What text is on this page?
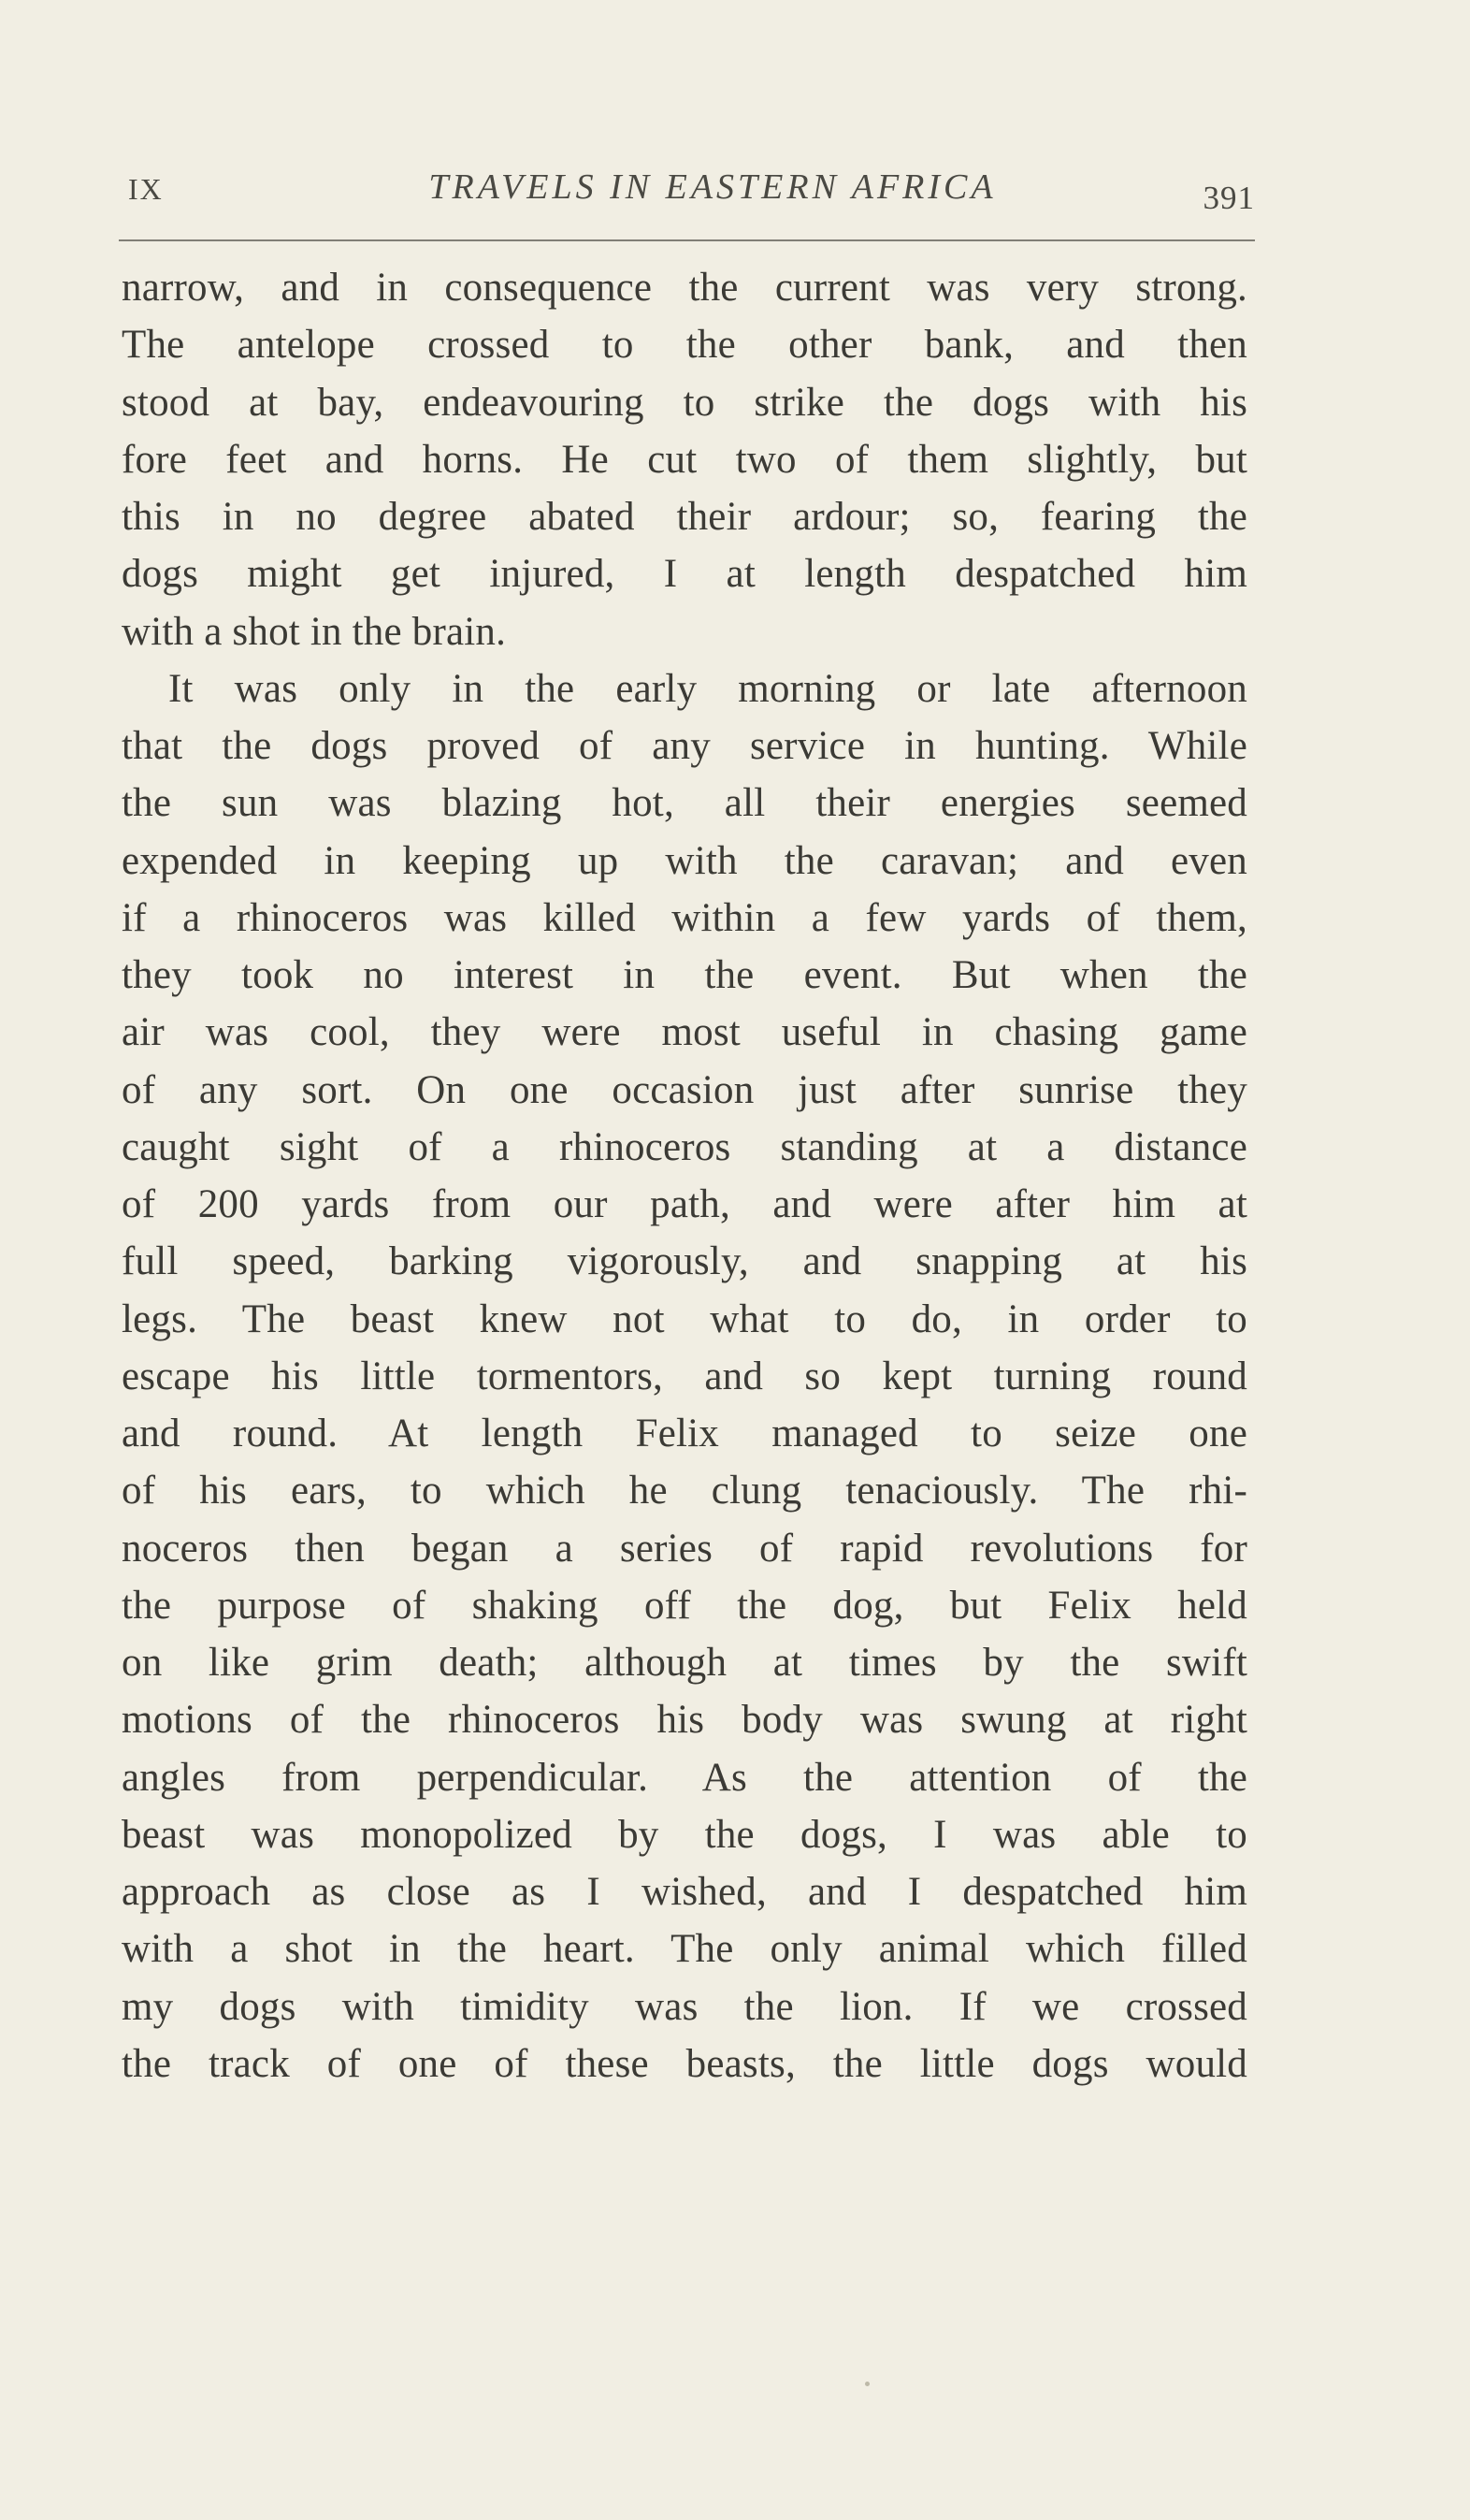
IX	TRAVELS IN EASTERN AFRICA	391
narrow, and in consequence the current was very strong.
The antelope crossed to the other bank, and then
stood at bay, endeavouring to strike the dogs with his
fore feet and horns. He cut two of them slightly, but
this in no degree abated their ardour; so, fearing the
dogs might get injured, I at length despatched him
with a shot in the brain.
It was only in the early morning or late afternoon
that the dogs proved of any service in hunting. While
the sun was blazing hot, all their energies seemed
expended in keeping up with the caravan; and even
if a rhinoceros was killed within a few yards of them,
they took no interest in the event. But when the
air was cool, they were most useful in chasing game
of any sort. On one occasion just after sunrise they
caught sight of a rhinoceros standing at a distance
of 200 yards from our path, and were after him at
full speed, barking vigorously, and snapping at his
legs. The beast knew not what to do, in order to
escape his little tormentors, and so kept turning round
and round. At length Felix managed to seize one
of his ears, to which he clung tenaciously. The rhi-
noceros then began a series of rapid revolutions for
the purpose of shaking off the dog, but Felix held
on like grim death; although at times by the swift
motions of the rhinoceros his body was swung at right
angles from perpendicular. As the attention of the
beast was monopolized by the dogs, I was able to
approach as close as I wished, and I despatched him
with a shot in the heart. The only animal which filled
my dogs with timidity was the lion. If we crossed
the track of one of these beasts, the little dogs would
